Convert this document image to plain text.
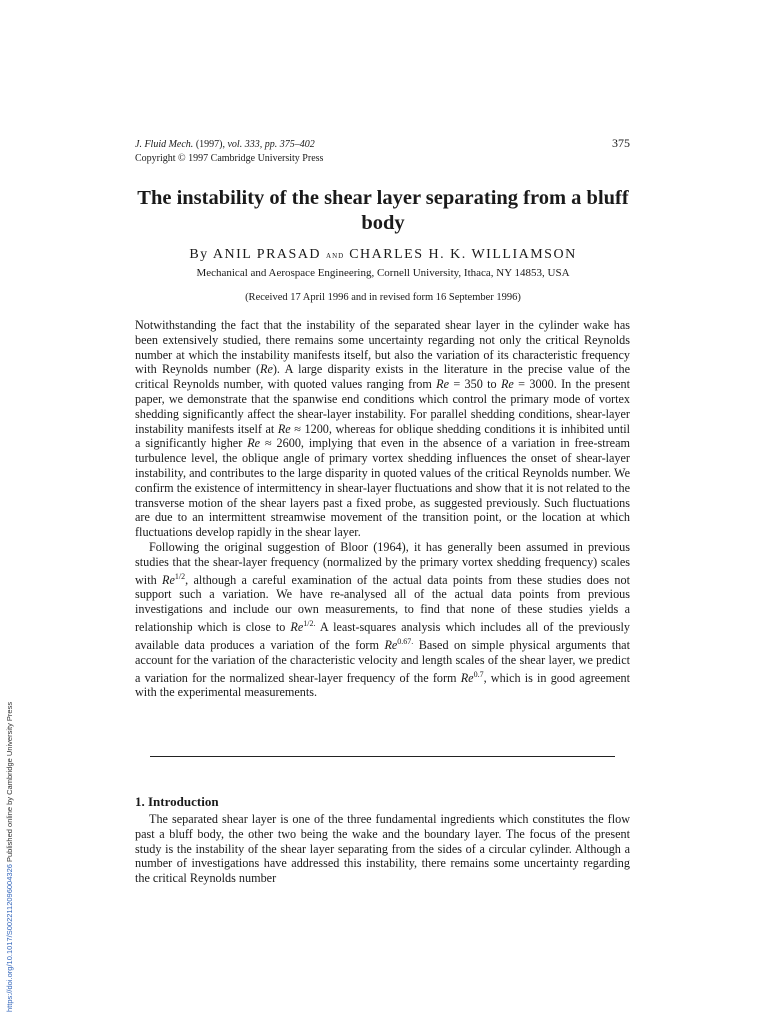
J. Fluid Mech. (1997), vol. 333, pp. 375–402
Copyright © 1997 Cambridge University Press
375
The instability of the shear layer separating from a bluff body
By ANIL PRASAD and CHARLES H. K. WILLIAMSON
Mechanical and Aerospace Engineering, Cornell University, Ithaca, NY 14853, USA
(Received 17 April 1996 and in revised form 16 September 1996)

Notwithstanding the fact that the instability of the separated shear layer in the cylinder wake has been extensively studied, there remains some uncertainty regarding not only the critical Reynolds number at which the instability manifests itself, but also the variation of its characteristic frequency with Reynolds number (Re). A large disparity exists in the literature in the precise value of the critical Reynolds number, with quoted values ranging from Re = 350 to Re = 3000. In the present paper, we demonstrate that the spanwise end conditions which control the primary mode of vortex shedding significantly affect the shear-layer instability. For parallel shedding conditions, shear-layer instability manifests itself at Re ≈ 1200, whereas for oblique shedding conditions it is inhibited until a significantly higher Re ≈ 2600, implying that even in the absence of a variation in free-stream turbulence level, the oblique angle of primary vortex shedding influences the onset of shear-layer instability, and contributes to the large disparity in quoted values of the critical Reynolds number. We confirm the existence of intermittency in shear-layer fluctuations and show that it is not related to the transverse motion of the shear layers past a fixed probe, as suggested previously. Such fluctuations are due to an intermittent streamwise movement of the transition point, or the location at which fluctuations develop rapidly in the shear layer.

Following the original suggestion of Bloor (1964), it has generally been assumed in previous studies that the shear-layer frequency (normalized by the primary vortex shedding frequency) scales with $Re^{1/2}$, although a careful examination of the actual data points from these studies does not support such a variation. We have re-analysed all of the actual data points from previous investigations and include our own measurements, to find that none of these studies yields a relationship which is close to $Re^{1/2.}$ A least-squares analysis which includes all of the previously available data produces a variation of the form $Re^{0.67.}$ Based on simple physical arguments that account for the variation of the characteristic velocity and length scales of the shear layer, we predict a variation for the normalized shear-layer frequency of the form $Re^{0.7}$, which is in good agreement with the experimental measurements.

1. Introduction

The separated shear layer is one of the three fundamental ingredients which constitutes the flow past a bluff body, the other two being the wake and the boundary layer. The focus of the present study is the instability of the shear layer separating from the sides of a circular cylinder. Although a number of investigations have addressed this instability, there remains some uncertainty regarding the critical Reynolds number

https://doi.org/10.1017/S0022112096004326 Published online by Cambridge University Press
